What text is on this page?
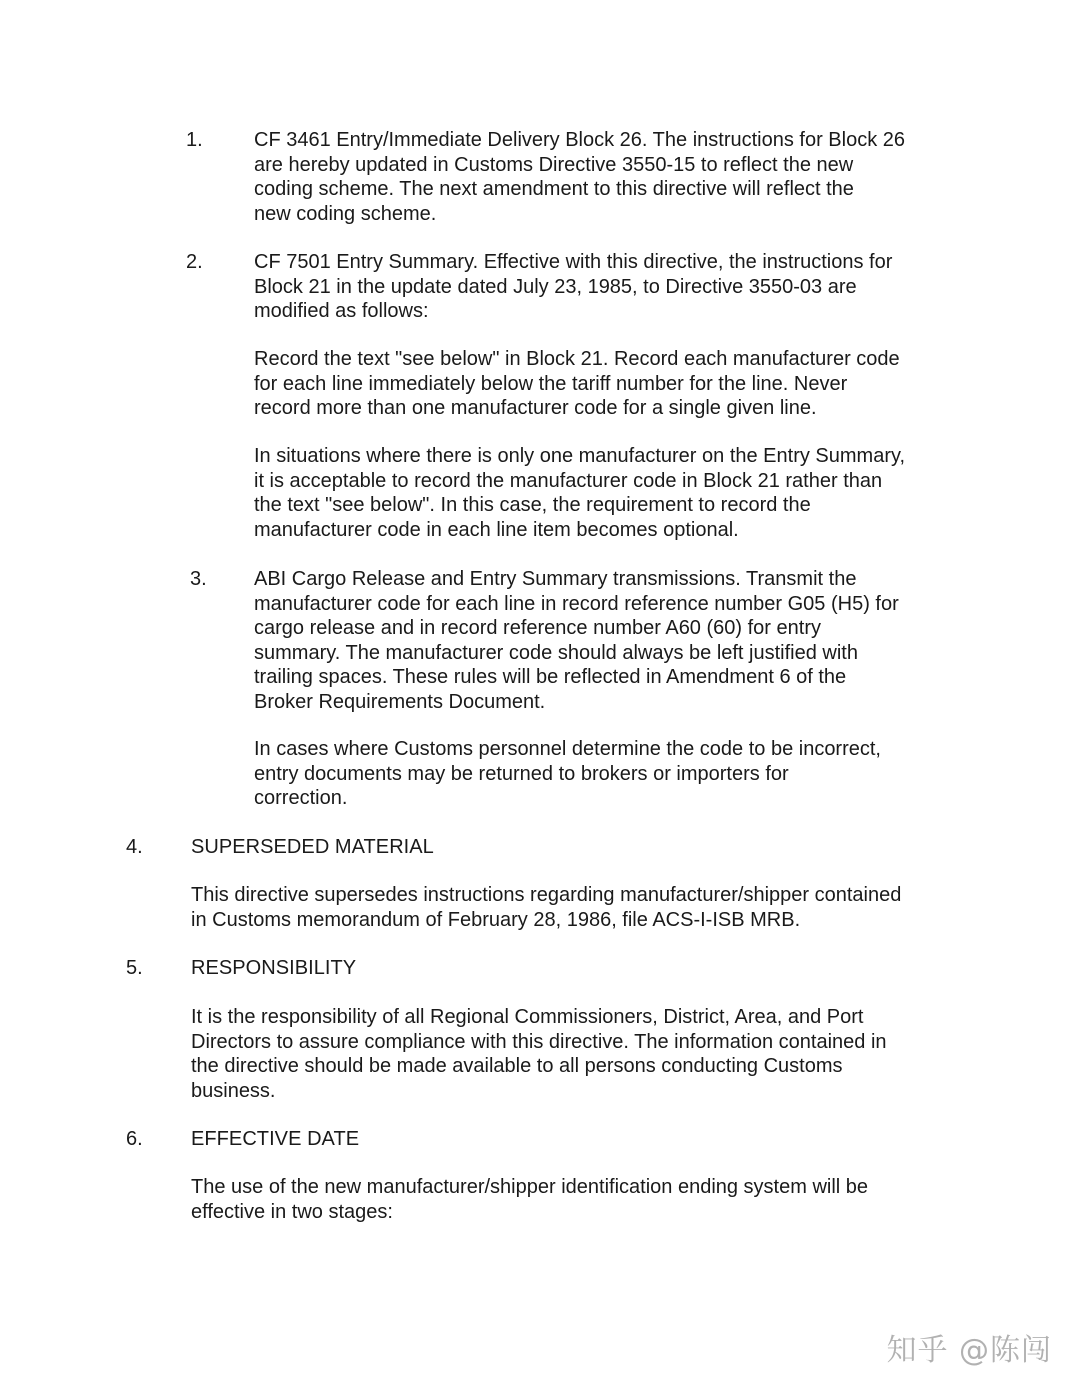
1.	CF 3461 Entry/Immediate Delivery Block 26. The instructions for Block 26
are hereby updated in Customs Directive 3550-15 to reflect the new
coding scheme. The next amendment to this directive will reflect the
new coding scheme.
2.	CF 7501 Entry Summary. Effective with this directive, the instructions for
Block 21 in the update dated July 23, 1985, to Directive 3550-03 are
modified as follows:
Record the text "see below" in Block 21. Record each manufacturer code
for each line immediately below the tariff number for the line. Never
record more than one manufacturer code for a single given line.
In situations where there is only one manufacturer on the Entry Summary,
it is acceptable to record the manufacturer code in Block 21 rather than
the text "see below". In this case, the requirement to record the
manufacturer code in each line item becomes optional.
3. ABI Cargo Release and Entry Summary transmissions. Transmit the
manufacturer code for each line in record reference number G05 (H5) for
cargo release and in record reference number A60 (60) for entry
summary. The manufacturer code should always be left justified with
trailing spaces. These rules will be reflected in Amendment 6 of the
Broker Requirements Document.
In cases where Customs personnel determine the code to be incorrect,
entry documents may be returned to brokers or importers for
correction.
4. SUPERSEDED MATERIAL
This directive supersedes instructions regarding manufacturer/shipper contained
in Customs memorandum of February 28, 1986, file ACS-I-ISB MRB.
5. RESPONSIBILITY
It is the responsibility of all Regional Commissioners, District, Area, and Port
Directors to assure compliance with this directive. The information contained in
the directive should be made available to all persons conducting Customs
business.
6. EFFECTIVE DATE
The use of the new manufacturer/shipper identification ending system will be
effective in two stages:
知乎 @陈闯
